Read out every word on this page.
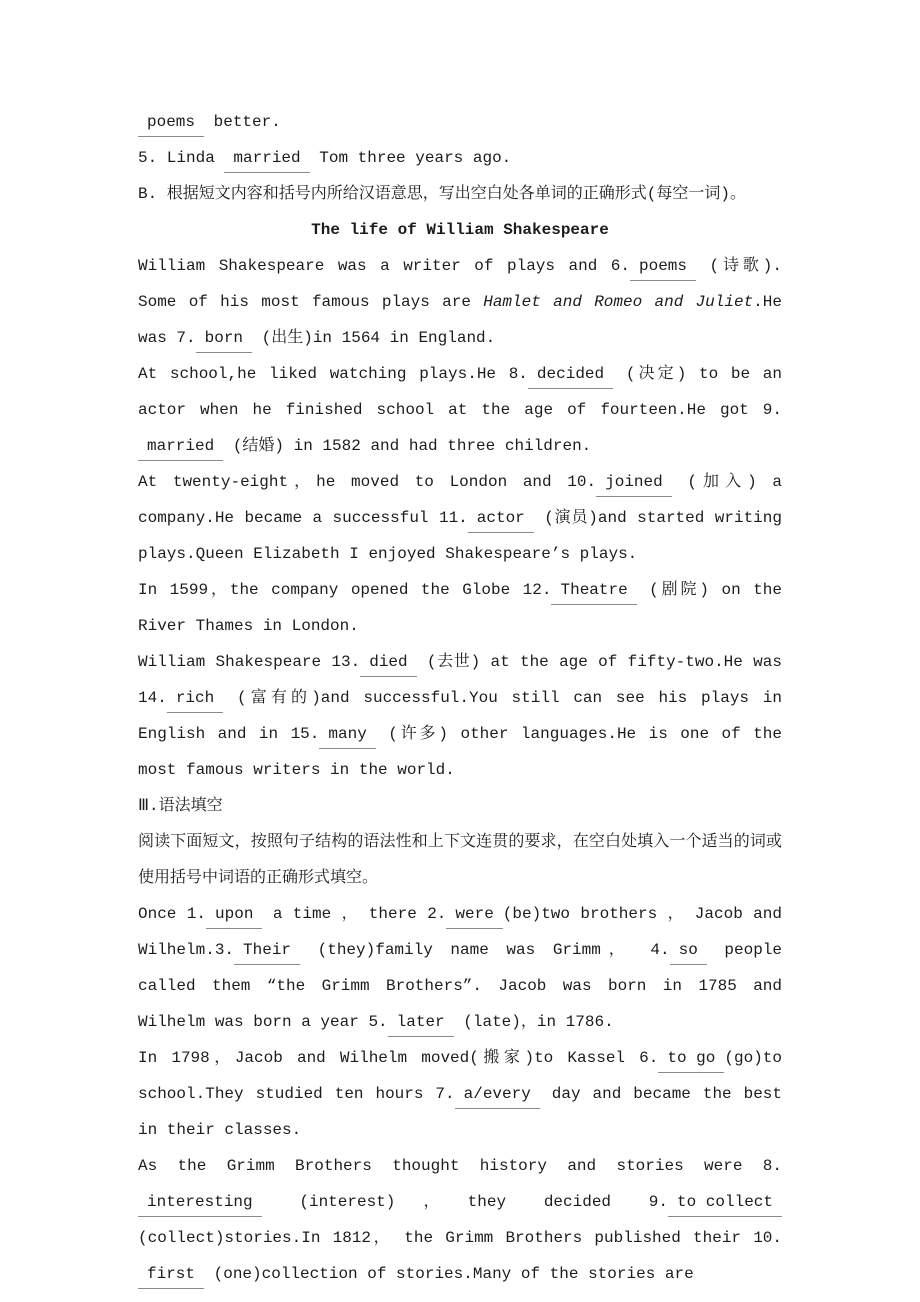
poems better.
5. Linda married Tom three years ago.
B. 根据短文内容和括号内所给汉语意思，写出空白处各单词的正确形式(每空一词)。
The life of William Shakespeare
William Shakespeare was a writer of plays and 6. poems (诗歌). Some of his most famous plays are Hamlet and Romeo and Juliet.He was 7. born (出生)in 1564 in England.
At school,he liked watching plays.He 8. decided (决定) to be an actor when he finished school at the age of fourteen.He got 9.married (结婚) in 1582 and had three children.
At twenty-eight，he moved to London and 10. joined (加入) a company.He became a successful 11. actor (演员)and started writing plays.Queen Elizabeth I enjoyed Shakespeare’s plays.
In 1599，the company opened the Globe 12. Theatre (剧院) on the River Thames in London.
William Shakespeare 13. died (去世) at the age of fifty-two.He was 14. rich (富有的)and successful.You still can see his plays in English and in 15. many (许多) other languages.He is one of the most famous writers in the world.
Ⅲ.语法填空
阅读下面短文，按照句子结构的语法性和上下文连贯的要求，在空白处填入一个适当的词或使用括号中词语的正确形式填空。
Once 1. upon a time ， there 2. were (be)two brothers ， Jacob and Wilhelm.3. Their (they)family name was Grimm， 4. so people called them “the Grimm Brothers”. Jacob was born in 1785 and Wilhelm was born a year 5. later (late)，in 1786.
In 1798，Jacob and Wilhelm moved(搬家)to Kassel 6. to go (go)to school.They studied ten hours 7. a/every day and became the best in their classes.
As the Grimm Brothers thought history and stories were 8.interesting (interest)，they decided 9. to collect (collect)stories.In 1812， the Grimm Brothers published their 10.first (one)collection of stories.Many of the stories are
